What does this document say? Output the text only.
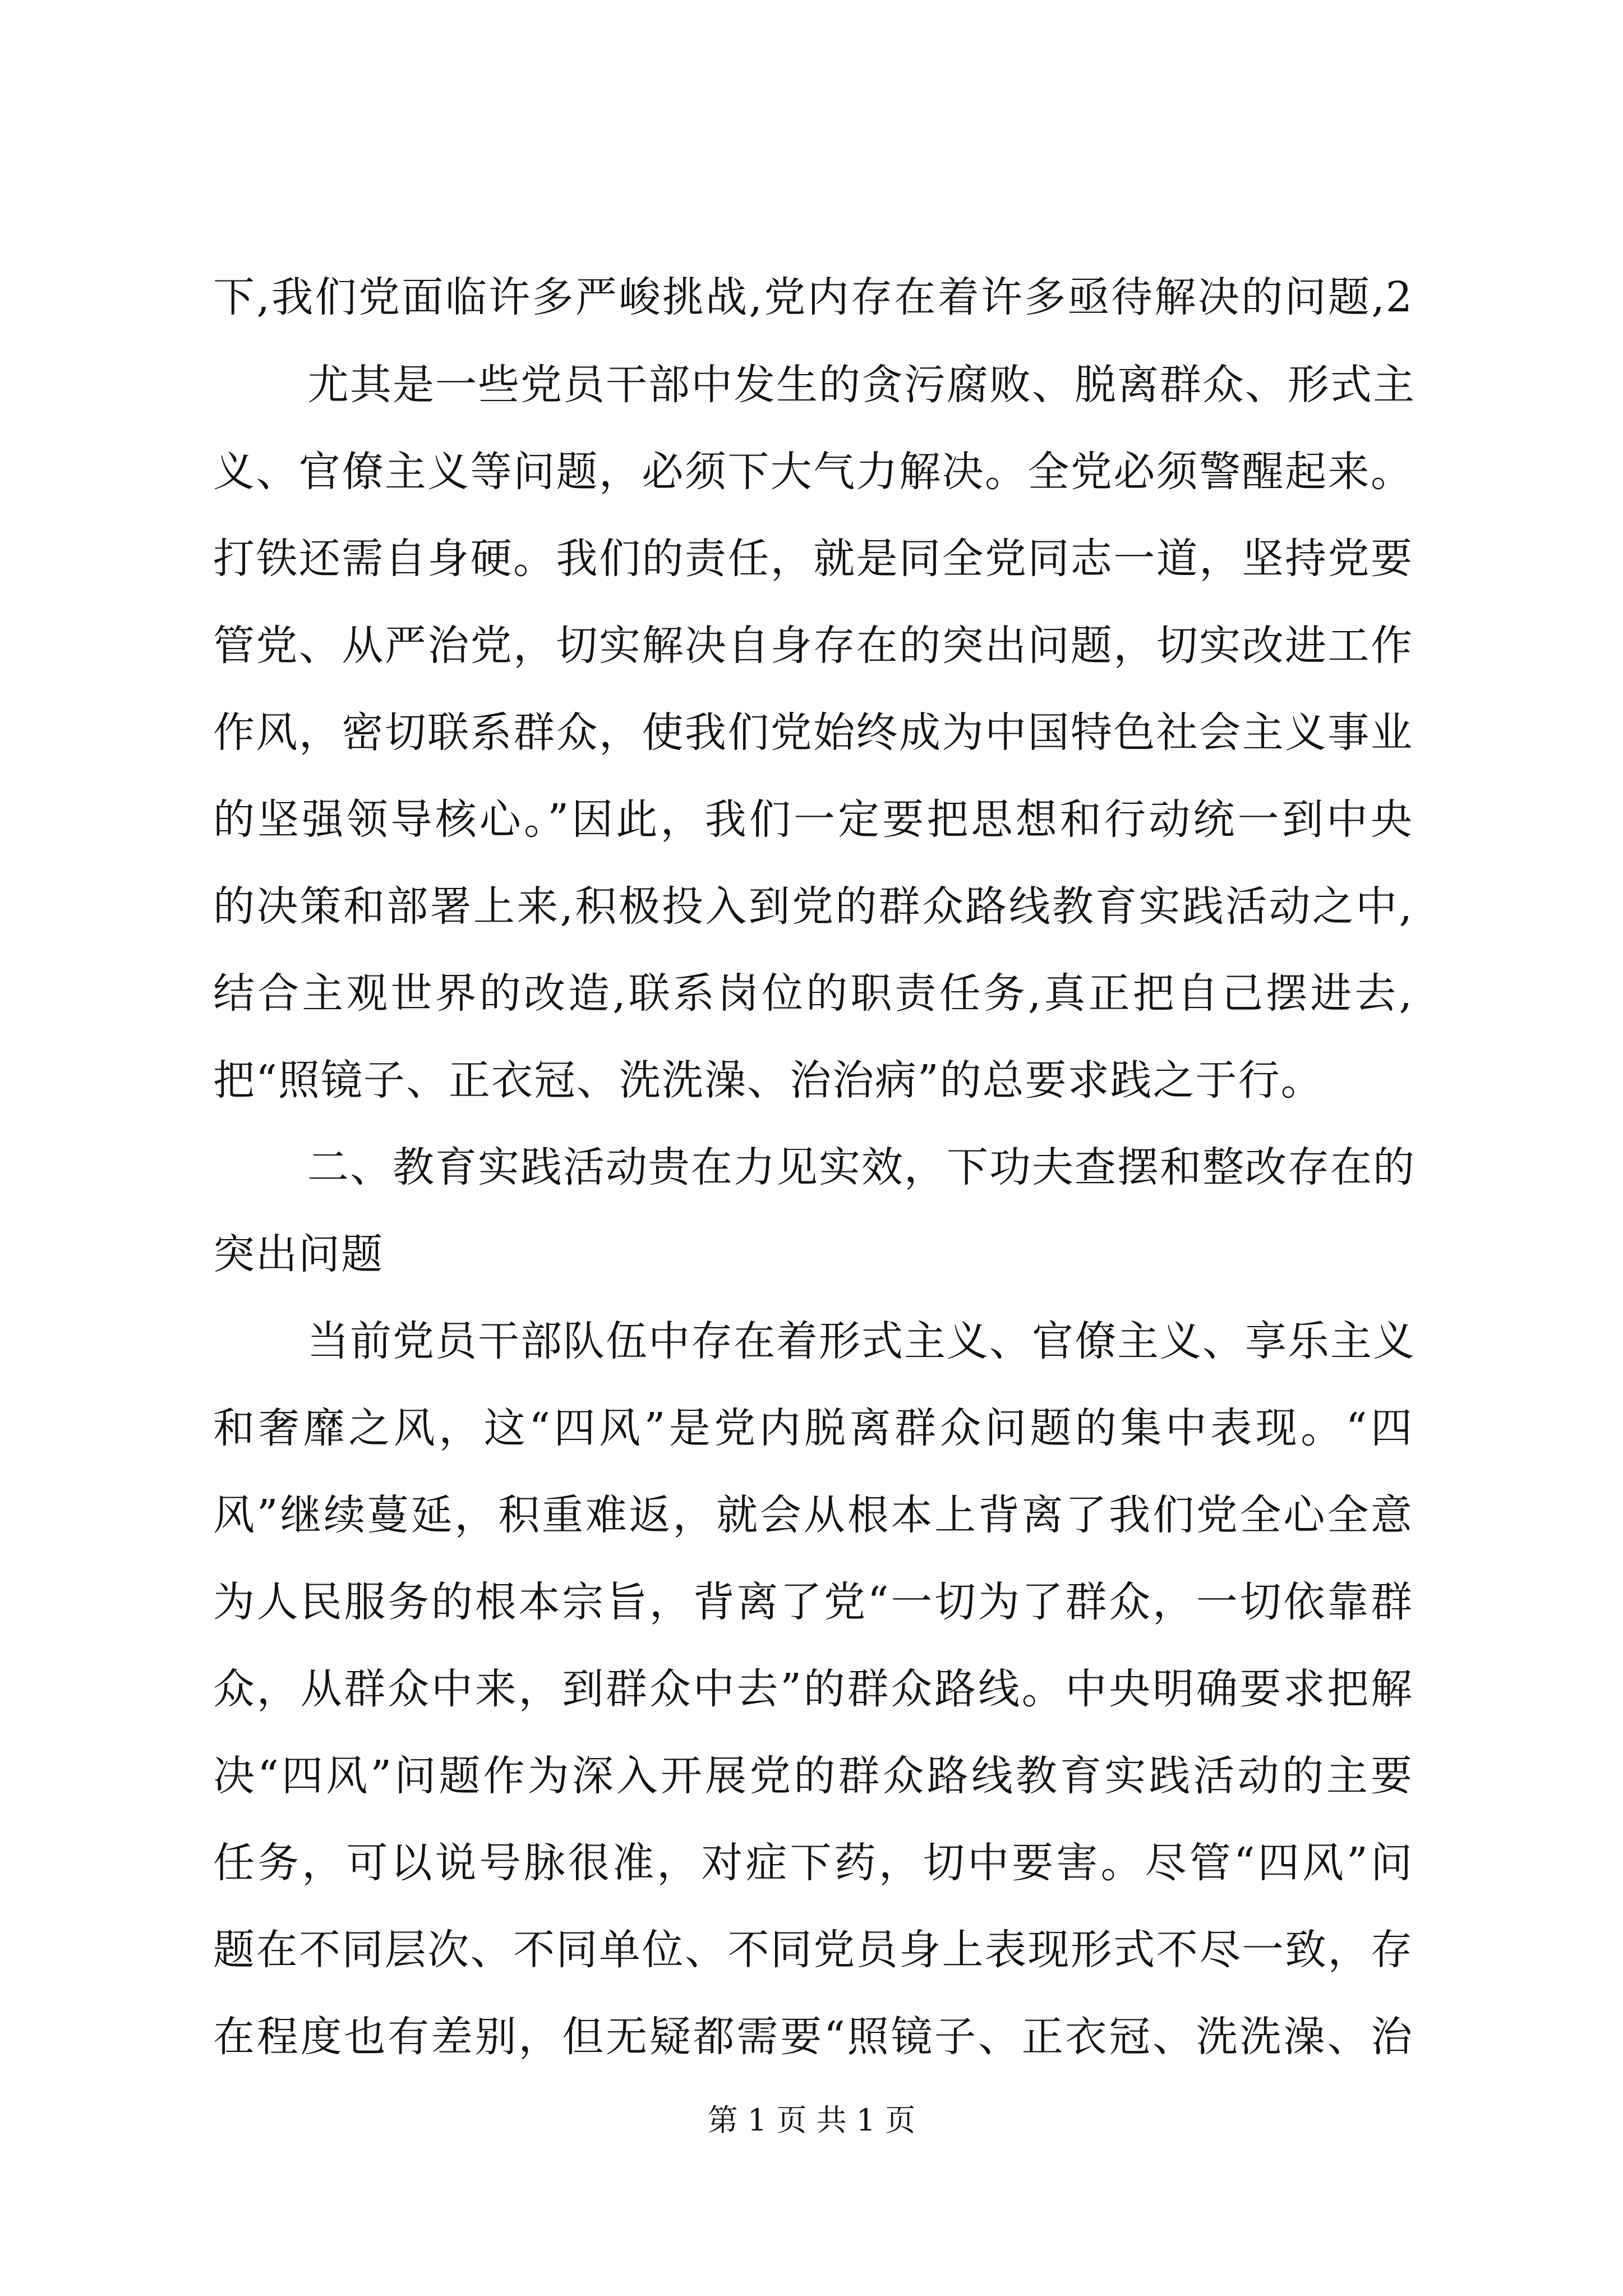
下,我们党面临许多严峻挑战,党内存在着许多亟待解决的问题,2
尤其是一些党员干部中发生的贪污腐败、脱离群众、形式主
义、官僚主义等问题，必须下大气力解决。全党必须警醒起来。
打铁还需自身硬。我们的责任，就是同全党同志一道，坚持党要
管党、从严治党，切实解决自身存在的突出问题，切实改进工作
作风，密切联系群众，使我们党始终成为中国特色社会主义事业
的坚强领导核心。”因此，我们一定要把思想和行动统一到中央
的决策和部署上来,积极投入到党的群众路线教育实践活动之中,
结合主观世界的改造,联系岗位的职责任务,真正把自己摆进去,
把“照镜子、正衣冠、洗洗澡、治治病”的总要求践之于行。
二、教育实践活动贵在力见实效，下功夫查摆和整改存在的
突出问题
当前党员干部队伍中存在着形式主义、官僚主义、享乐主义
和奢靡之风，这“四风”是党内脱离群众问题的集中表现。“四
风”继续蔓延，积重难返，就会从根本上背离了我们党全心全意
为人民服务的根本宗旨，背离了党“一切为了群众，一切依靠群
众，从群众中来，到群众中去”的群众路线。中央明确要求把解
决“四风”问题作为深入开展党的群众路线教育实践活动的主要
任务，可以说号脉很准，对症下药，切中要害。尽管“四风”问
题在不同层次、不同单位、不同党员身上表现形式不尽一致，存
在程度也有差别，但无疑都需要“照镜子、正衣冠、洗洗澡、治
第 1 页 共 1 页
